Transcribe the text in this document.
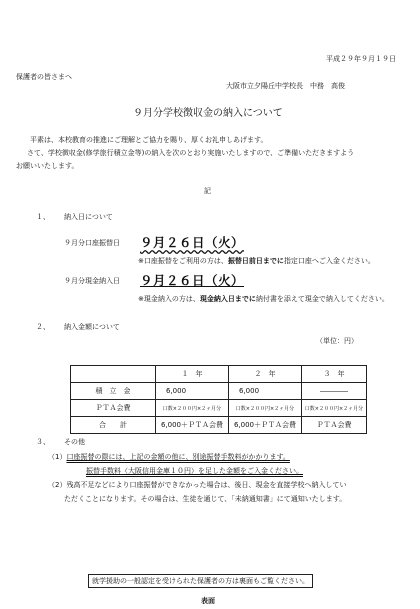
平成２９年９月１９日
保護者の皆さまへ
大阪市立夕陽丘中学校長　中務　高俊
９月分学校徴収金の納入について
平素は、本校教育の推進にご理解とご協力を賜り、厚くお礼申しあげます。
さて、学校徴収金(修学旅行積立金等)の納入を次のとおり実施いたしますので、ご準備いただきますよう
お願いいたします。
記
１、 納入日について
９月分口座振替日 ９月２６日（火）
※口座振替をご利用の方は、振替日前日までに指定口座へご入金ください。
９月分現金納入日 ９月２６日（火）
※現金納入の方は、現金納入日までに納付書を添えて現金で納入してください。
２、 納入金額について
（単位：円）
	１　年	２　年	３　年
積　立　金	6,000	6,000	――――
ＰＴＡ会費	口数×２００円×２ヶ月分	口数×２００円×２ヶ月分	口数×２００円×２ヶ月分
合　　計	6,000＋ＰＴＡ会費	6,000＋ＰＴＡ会費	ＰＴＡ会費
３、 その他
（1）口座振替の際には、上記の金額の他に、別途振替手数料がかかります。
振替手数料（大阪信用金庫１０円）を足した金額をご入金ください。
（2）残高不足などにより口座振替ができなかった場合は、後日、現金を直接学校へ納入してい
ただくことになります。その場合は、生徒を通じて、「未納通知書」にて通知いたします。
就学援助の一般認定を受けられた保護者の方は裏面もご覧ください。
表面
